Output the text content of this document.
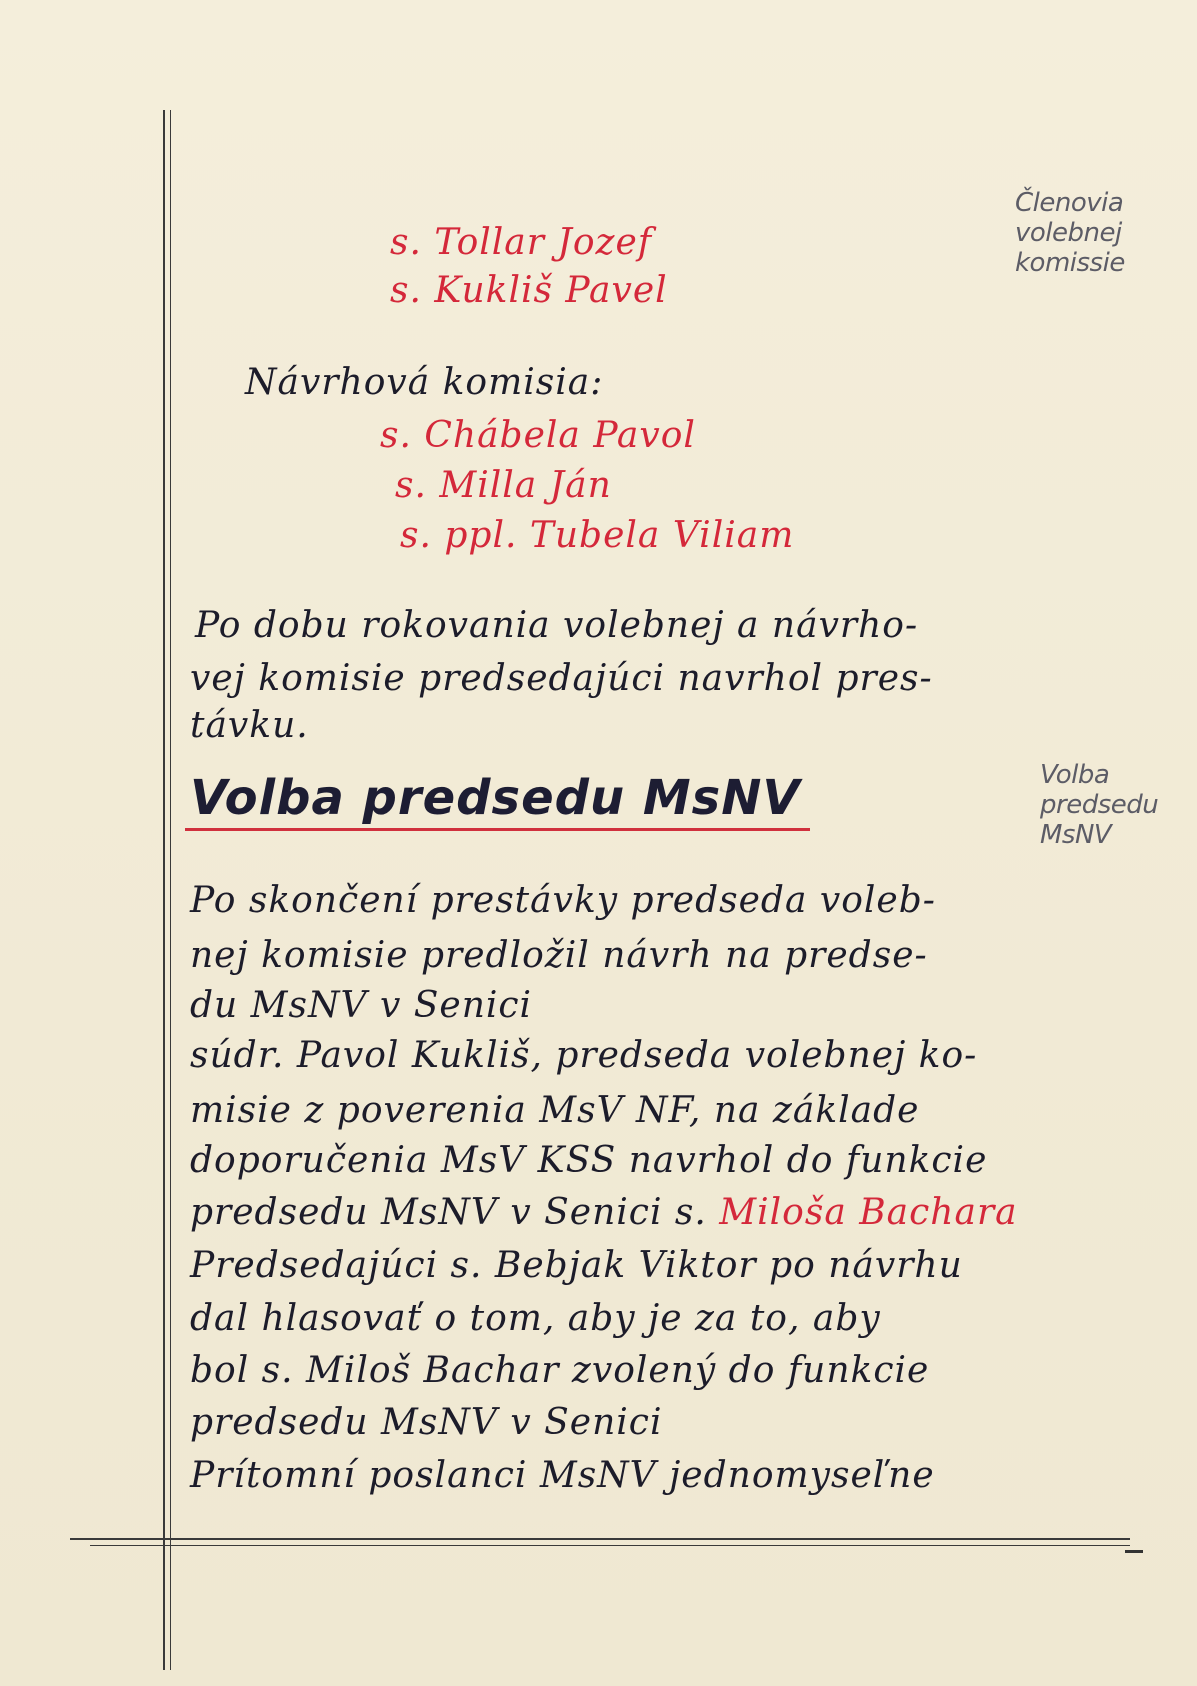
Členovia
volebnej
komissie
s. Tollar Jozef
s. Kukliš Pavel
Návrhová komisia:
s. Chábela Pavol
s. Milla Ján
s. ppl. Tubela Viliam
Po dobu rokovania volebnej a návrho-
vej komisie predsedajúci navrhol pres-
távku.
Volba
predsedu
MsNV
Volba predsedu MsNV
Po skončení prestávky predseda voleb-
nej komisie predložil návrh na predse-
du MsNV v Senici
súdr. Pavol Kukliš, predseda volebnej ko-
misie z poverenia MsV NF, na základe
doporučenia MsV KSS navrhol do funkcie
predsedu MsNV v Senici s. Miloša Bachara
Predsedajúci s. Bebjak Viktor po návrhu
dal hlasovať o tom, aby je za to, aby
bol s. Miloš Bachar zvolený do funkcie
predsedu MsNV v Senici
Prítomní poslanci MsNV jednomyseľne
